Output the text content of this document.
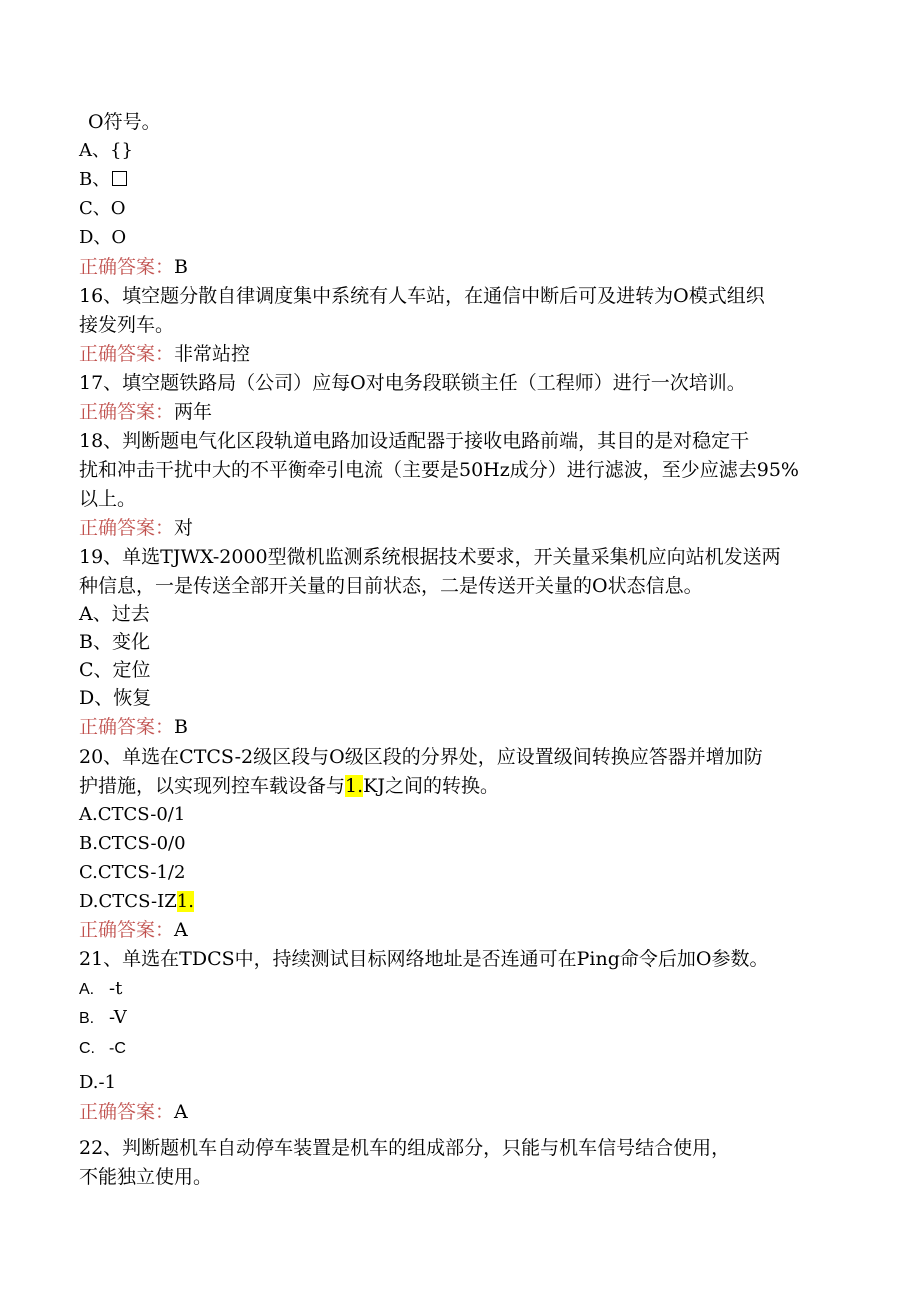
O符号。
A、{}
B、
C、O
D、O
正确答案：B
16、填空题分散自律调度集中系统有人车站，在通信中断后可及进转为O模式组织
接发列车。
正确答案：非常站控
17、填空题铁路局（公司）应每O对电务段联锁主任（工程师）进行一次培训。
正确答案：两年
18、判断题电气化区段轨道电路加设适配器于接收电路前端，其目的是对稳定干
扰和冲击干扰中大的不平衡牵引电流（主要是50Hz成分）进行滤波，至少应滤去95%
以上。
正确答案：对
19、单选TJWX-2000型微机监测系统根据技术要求，开关量采集机应向站机发送两
种信息，一是传送全部开关量的目前状态，二是传送开关量的O状态信息。
A、过去
B、变化
C、定位
D、恢复
正确答案：B
20、单选在CTCS-2级区段与O级区段的分界处，应设置级间转换应答器并增加防
护措施，以实现列控车载设备与1.KJ之间的转换。
A.CTCS-0/1
B.CTCS-0/0
C.CTCS-1/2
D.CTCS-IZ1.
正确答案：A
21、单选在TDCS中，持续测试目标网络地址是否连通可在Ping命令后加O参数。
A. -t
B. -V
C. -C
D.-1
正确答案：A
22、判断题机车自动停车装置是机车的组成部分，只能与机车信号结合使用，
不能独立使用。
